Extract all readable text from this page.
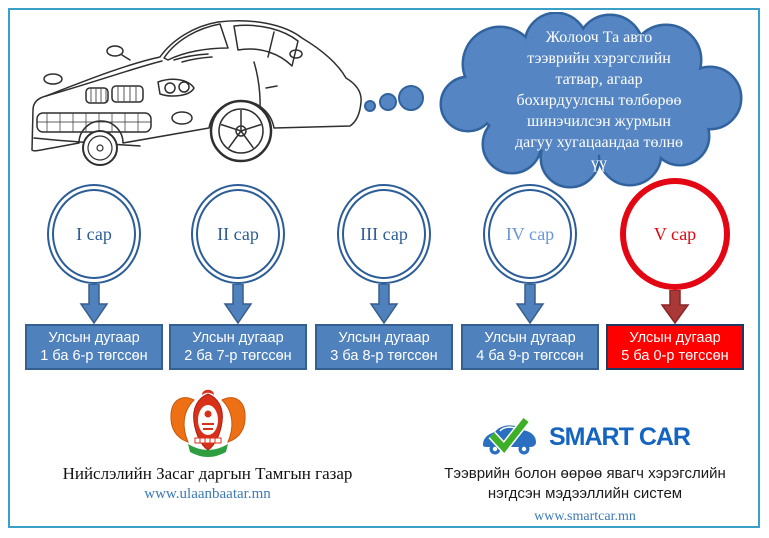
Жолооч Та авто
тээврийн хэрэгслийн
татвар, агаар
бохирдуулсны төлбөрөө
шинэчилсэн журмын
дагуу хугацаандаа төлнө
үү
I сар
Улсын дугаар
1 ба 6-р төгссөн
II сар
Улсын дугаар
2 ба 7-р төгссөн
III сар
Улсын дугаар
3 ба 8-р төгссөн
IV сар
Улсын дугаар
4 ба 9-р төгссөн
V сар
Улсын дугаар
5 ба 0-р төгссөн
Нийслэлийн Засаг даргын Тамгын газар
www.ulaanbaatar.mn
SMART CAR
Тээврийн болон өөрөө явагч хэрэгслийн
нэгдсэн мэдээллийн систем
www.smartcar.mn
